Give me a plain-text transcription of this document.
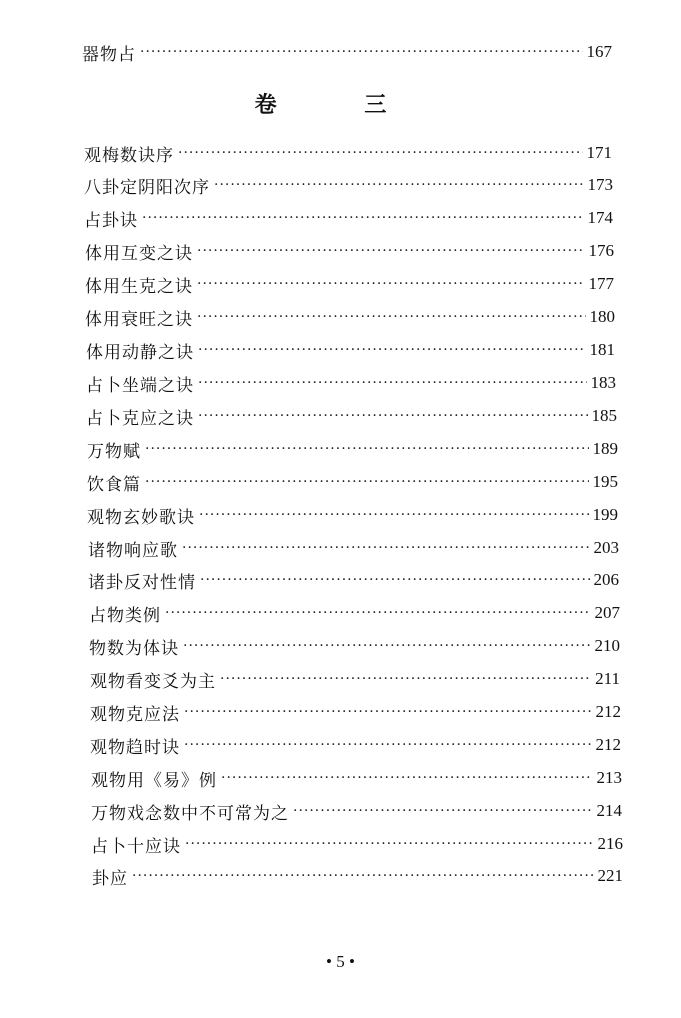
器物占 ·····	167
卷 三
观梅数诀序 ·····	171
八卦定阴阳次序 ·····	173
占卦诀 ·····	174
体用互变之诀 ·····	176
体用生克之诀 ·····	177
体用衰旺之诀 ·····	180
体用动静之诀 ·····	181
占卜坐端之诀 ·····	183
占卜克应之诀 ·····	185
万物赋 ·····	189
饮食篇 ·····	195
观物玄妙歌诀 ·····	199
诸物响应歌 ·····	203
诸卦反对性情 ·····	206
占物类例 ·····	207
物数为体诀 ·····	210
观物看变爻为主 ·····	211
观物克应法 ·····	212
观物趋时诀 ·····	212
观物用《易》例 ·····	213
万物戏念数中不可常为之 ·····	214
占卜十应诀 ·····	216
卦应 ·····	221
• 5 •
